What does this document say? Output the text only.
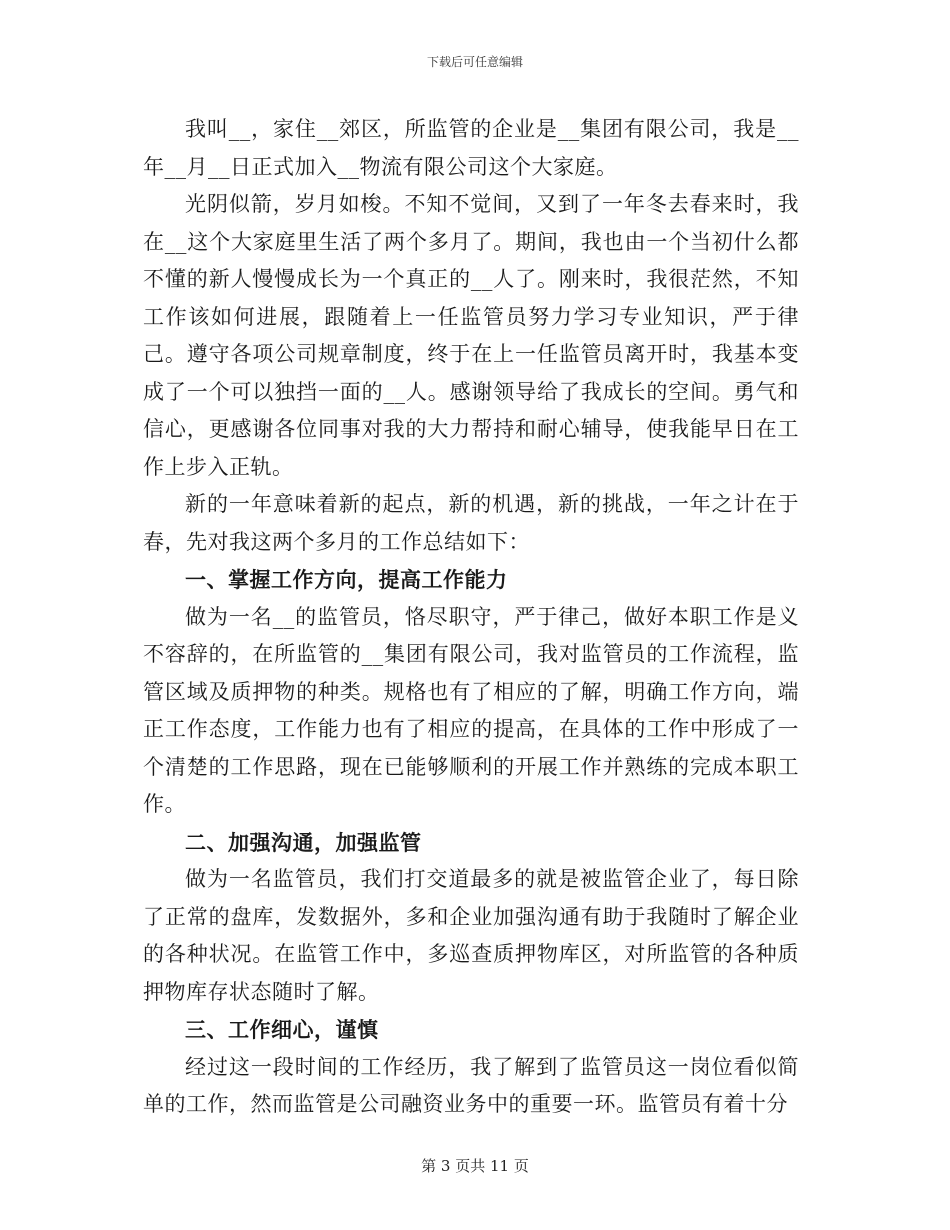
下载后可任意编辑

我叫__，家住__郊区，所监管的企业是__集团有限公司，我是__年__月__日正式加入__物流有限公司这个大家庭。

光阴似箭，岁月如梭。不知不觉间，又到了一年冬去春来时，我在__这个大家庭里生活了两个多月了。期间，我也由一个当初什么都不懂的新人慢慢成长为一个真正的__人了。刚来时，我很茫然，不知工作该如何进展，跟随着上一任监管员努力学习专业知识，严于律己。遵守各项公司规章制度，终于在上一任监管员离开时，我基本变成了一个可以独挡一面的__人。感谢领导给了我成长的空间。勇气和信心，更感谢各位同事对我的大力帮持和耐心辅导，使我能早日在工作上步入正轨。

新的一年意味着新的起点，新的机遇，新的挑战，一年之计在于春，先对我这两个多月的工作总结如下：

一、掌握工作方向，提高工作能力

做为一名__的监管员，恪尽职守，严于律己，做好本职工作是义不容辞的，在所监管的__集团有限公司，我对监管员的工作流程，监管区域及质押物的种类。规格也有了相应的了解，明确工作方向，端正工作态度，工作能力也有了相应的提高，在具体的工作中形成了一个清楚的工作思路，现在已能够顺利的开展工作并熟练的完成本职工作。

二、加强沟通，加强监管

做为一名监管员，我们打交道最多的就是被监管企业了，每日除了正常的盘库，发数据外，多和企业加强沟通有助于我随时了解企业的各种状况。在监管工作中，多巡查质押物库区，对所监管的各种质押物库存状态随时了解。

三、工作细心，谨慎

经过这一段时间的工作经历，我了解到了监管员这一岗位看似简单的工作，然而监管是公司融资业务中的重要一环。监管员有着十分

第 3 页共 11 页
